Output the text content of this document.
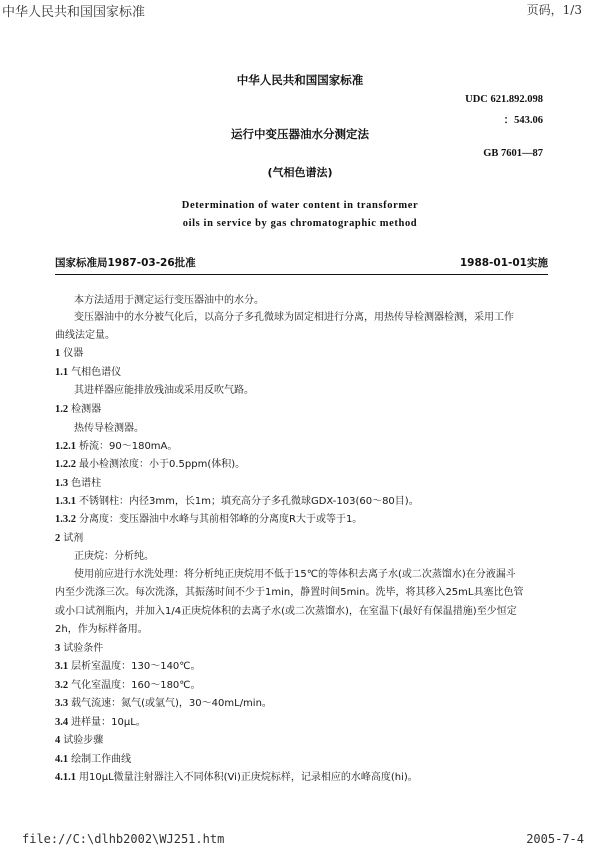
中华人民共和国国家标准	页码，1/3
中华人民共和国国家标准
UDC 621.892.098
：543.06
运行中变压器油水分测定法
GB 7601—87
(气相色谱法)
Determination of water content in transformer
oils in service by gas chromatographic method
国家标准局1987-03-26批准	1988-01-01实施
本方法适用于测定运行变压器油中的水分。
变压器油中的水分被气化后，以高分子多孔微球为固定相进行分离，用热传导检测器检测，采用工作
曲线法定量。
1 仪器
1.1 气相色谱仪
其进样器应能排放残油或采用反吹气路。
1.2 检测器
热传导检测器。
1.2.1 桥流：90～180mA。
1.2.2 最小检测浓度：小于0.5ppm(体积)。
1.3 色谱柱
1.3.1 不锈钢柱：内径3mm，长1m；填充高分子多孔微球GDX-103(60～80目)。
1.3.2 分离度：变压器油中水峰与其前相邻峰的分离度R大于或等于1。
2 试剂
正庚烷：分析纯。
使用前应进行水洗处理：将分析纯正庚烷用不低于15℃的等体积去离子水(或二次蒸馏水)在分液漏斗
内至少洗涤三次。每次洗涤，其振荡时间不少于1min，静置时间5min。洗毕，将其移入25mL具塞比色管
或小口试剂瓶内，并加入1/4正庚烷体积的去离子水(或二次蒸馏水)，在室温下(最好有保温措施)至少恒定
2h，作为标样备用。
3 试验条件
3.1 层析室温度：130～140℃。
3.2 气化室温度：160～180℃。
3.3 载气流速：氮气(或氩气)，30～40mL/min。
3.4 进样量：10μL。
4 试验步骤
4.1 绘制工作曲线
4.1.1 用10μL微量注射器注入不同体积(Vi)正庚烷标样，记录相应的水峰高度(hi)。
file://C:\dlhb2002\WJ251.htm	2005-7-4
